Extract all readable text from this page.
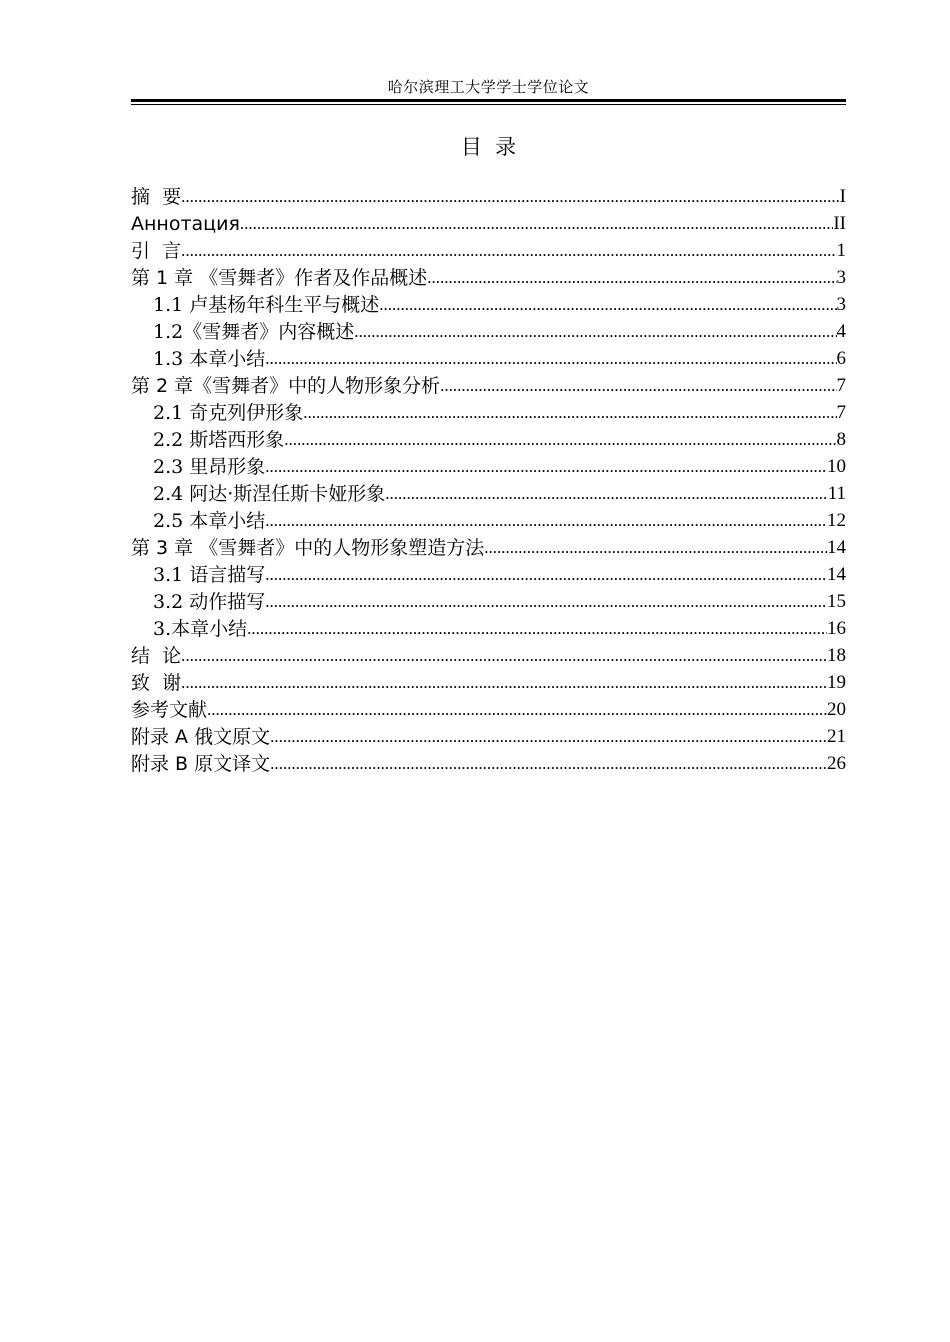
哈尔滨理工大学学士学位论文
目  录
摘  要 .....	I
Аннотация .....	II
引  言 .....	1
第 1 章 《雪舞者》作者及作品概述 .....	3
1.1 卢基杨年科生平与概述 .....	3
1.2《雪舞者》内容概述 .....	4
1.3 本章小结 .....	6
第 2 章《雪舞者》中的人物形象分析 .....	7
2.1 奇克列伊形象 .....	7
2.2 斯塔西形象 .....	8
2.3 里昂形象 .....	10
2.4 阿达·斯涅任斯卡娅形象 .....	11
2.5 本章小结 .....	12
第 3 章 《雪舞者》中的人物形象塑造方法 .....	14
3.1 语言描写 .....	14
3.2 动作描写 .....	15
3.本章小结 .....	16
结  论 .....	18
致  谢 .....	19
参考文献 .....	20
附录 A 俄文原文 .....	21
附录 B 原文译文 .....	26
